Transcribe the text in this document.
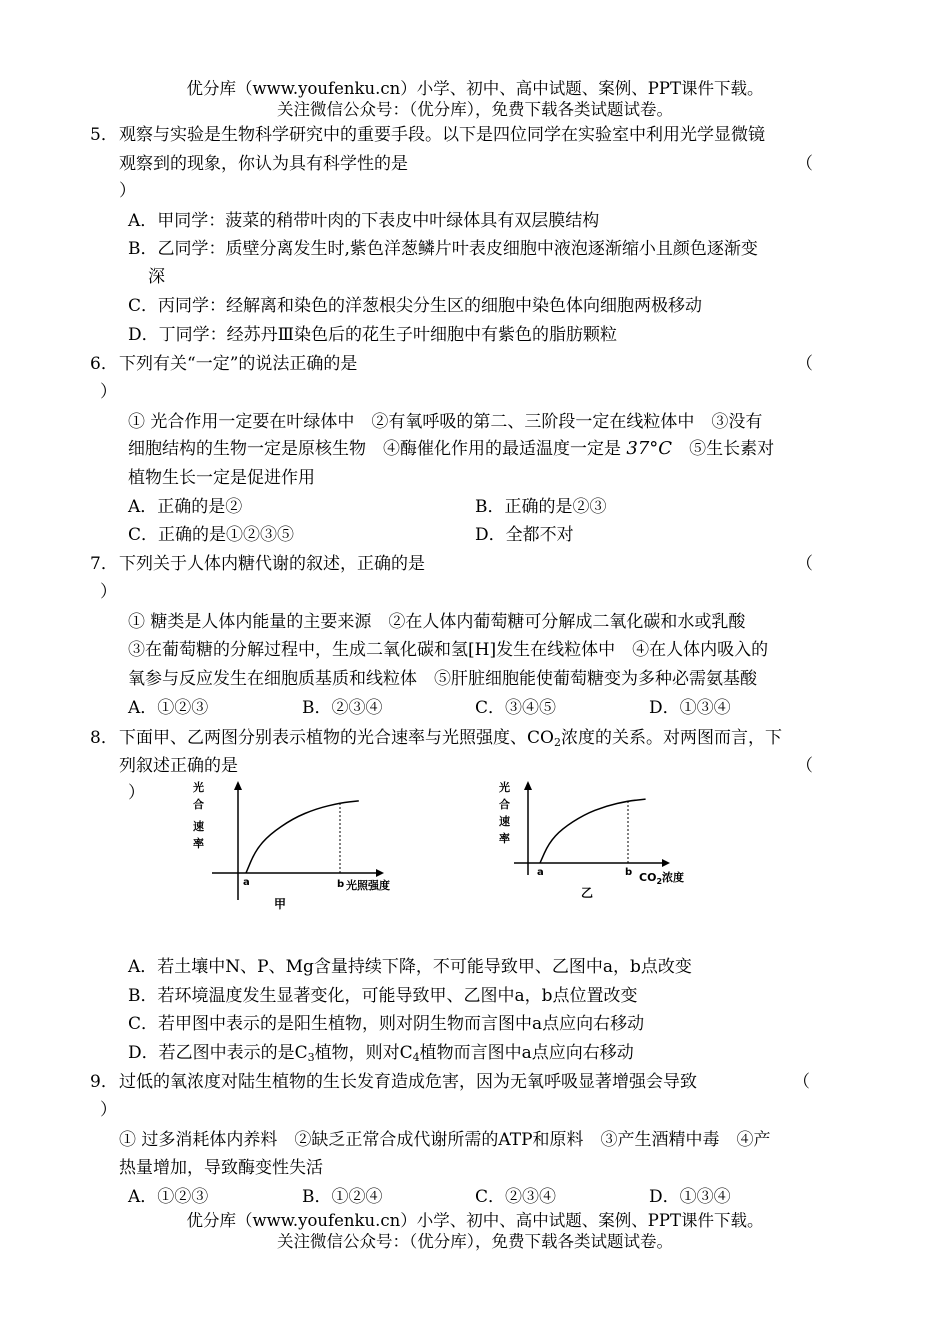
优分库（www.youfenku.cn）小学、初中、高中试题、案例、PPT课件下载。
关注微信公众号：（优分库），免费下载各类试题试卷。
5． 观察与实验是生物科学研究中的重要手段。以下是四位同学在实验室中利用光学显微镜
观察到的现象，你认为具有科学性的是	（
）
A．甲同学：菠菜的稍带叶肉的下表皮中叶绿体具有双层膜结构
B．乙同学：质壁分离发生时,紫色洋葱鳞片叶表皮细胞中液泡逐渐缩小且颜色逐渐变
深
C．丙同学：经解离和染色的洋葱根尖分生区的细胞中染色体向细胞两极移动
D．丁同学：经苏丹Ⅲ染色后的花生子叶细胞中有紫色的脂肪颗粒
6． 下列有关“一定”的说法正确的是	（
）
① 光合作用一定要在叶绿体中　②有氧呼吸的第二、三阶段一定在线粒体中　③没有
细胞结构的生物一定是原核生物　④酶催化作用的最适温度一定是 37°C　⑤生长素对
植物生长一定是促进作用
A．正确的是②	B．正确的是②③
C．正确的是①②③⑤	D．全都不对
7． 下列关于人体内糖代谢的叙述，正确的是	（
）
① 糖类是人体内能量的主要来源　②在人体内葡萄糖可分解成二氧化碳和水或乳酸
③在葡萄糖的分解过程中，生成二氧化碳和氢[H]发生在线粒体中　④在人体内吸入的
氧参与反应发生在细胞质基质和线粒体　⑤肝脏细胞能使葡萄糖变为多种必需氨基酸
A．①②③	B．②③④	C．③④⑤	D．①③④
8． 下面甲、乙两图分别表示植物的光合速率与光照强度、$CO_2$浓度的关系。对两图而言，下
列叙述正确的是	（
）	光
合
速
率
a	b 光照强度
甲
光
合
速
率
a	b $CO_2$浓度
乙
A．若土壤中N、P、Mg含量持续下降，不可能导致甲、乙图中a，b点改变
B．若环境温度发生显著变化，可能导致甲、乙图中a，b点位置改变
C．若甲图中表示的是阳生植物，则对阴生物而言图中a点应向右移动
D．若乙图中表示的是$C_3$植物，则对$C_4$植物而言图中a点应向右移动
9． 过低的氧浓度对陆生植物的生长发育造成危害，因为无氧呼吸显著增强会导致	（
）
① 过多消耗体内养料　②缺乏正常合成代谢所需的ATP和原料　③产生酒精中毒　④产
热量增加，导致酶变性失活
A．①②③	B．①②④	C．②③④	D．①③④
优分库（www.youfenku.cn）小学、初中、高中试题、案例、PPT课件下载。
关注微信公众号：（优分库），免费下载各类试题试卷。
